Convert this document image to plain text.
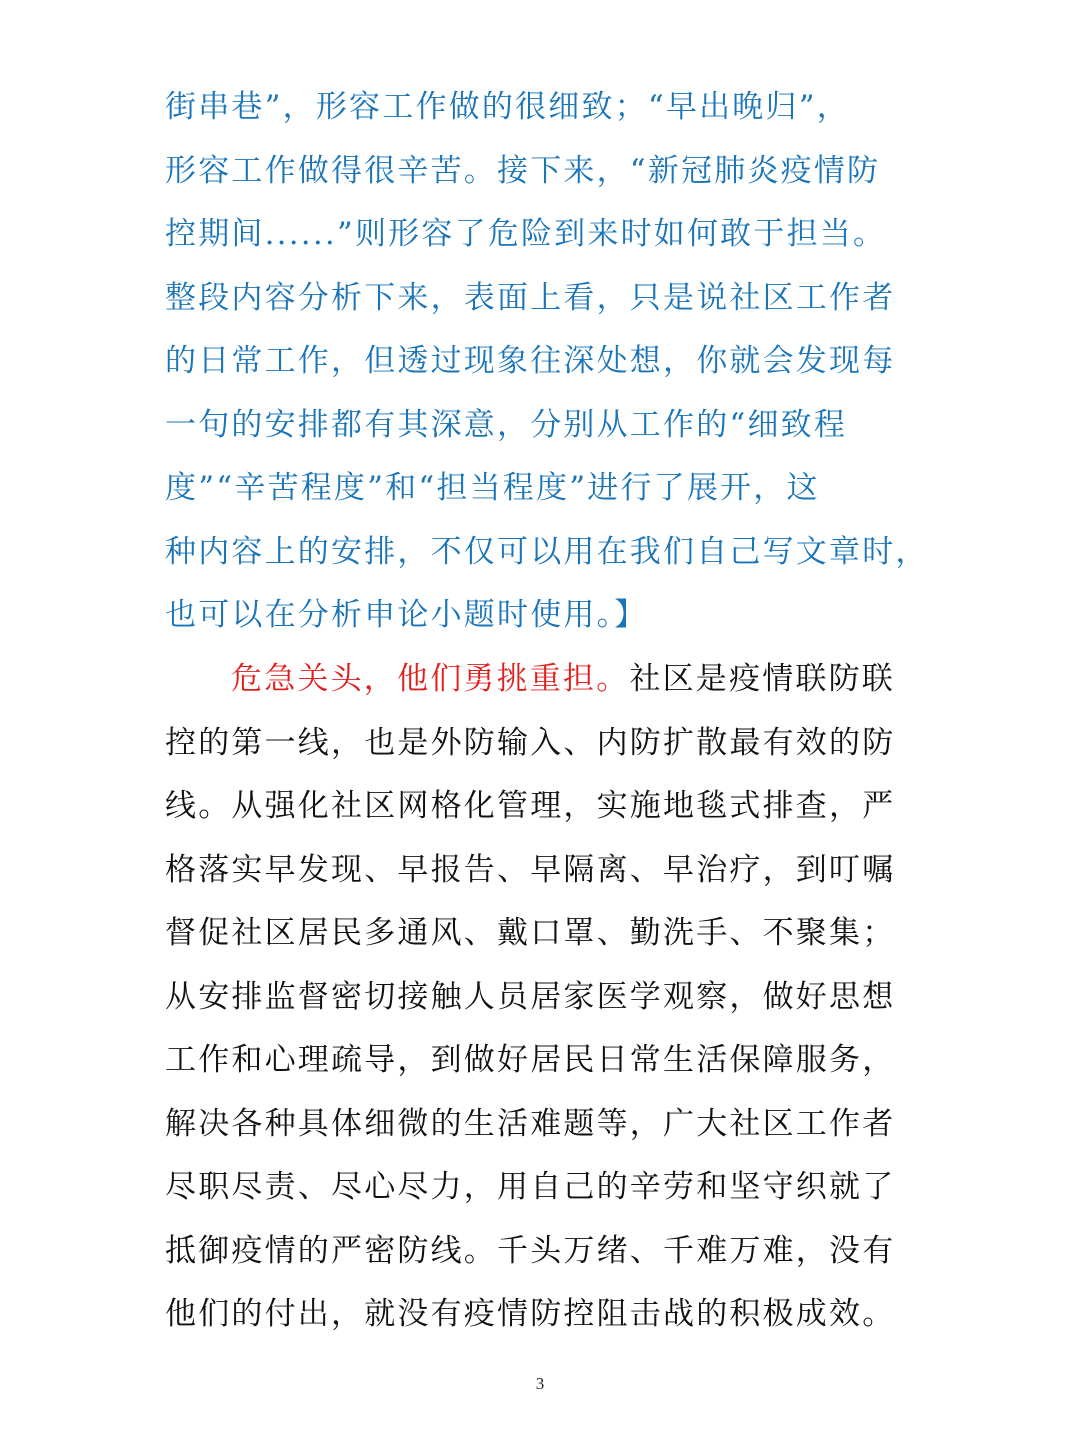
街串巷”，形容工作做的很细致；“早出晚归”，
形容工作做得很辛苦。接下来，“新冠肺炎疫情防
控期间......”则形容了危险到来时如何敢于担当。
整段内容分析下来，表面上看，只是说社区工作者
的日常工作，但透过现象往深处想，你就会发现每
一句的安排都有其深意，分别从工作的“细致程
度”“辛苦程度”和“担当程度”进行了展开，这
种内容上的安排，不仅可以用在我们自己写文章时，
也可以在分析申论小题时使用。】
危急关头，他们勇挑重担。社区是疫情联防联
控的第一线，也是外防输入、内防扩散最有效的防
线。从强化社区网格化管理，实施地毯式排查，严
格落实早发现、早报告、早隔离、早治疗，到叮嘱
督促社区居民多通风、戴口罩、勤洗手、不聚集；
从安排监督密切接触人员居家医学观察，做好思想
工作和心理疏导，到做好居民日常生活保障服务，
解决各种具体细微的生活难题等，广大社区工作者
尽职尽责、尽心尽力，用自己的辛劳和坚守织就了
抵御疫情的严密防线。千头万绪、千难万难，没有
他们的付出，就没有疫情防控阻击战的积极成效。
3
